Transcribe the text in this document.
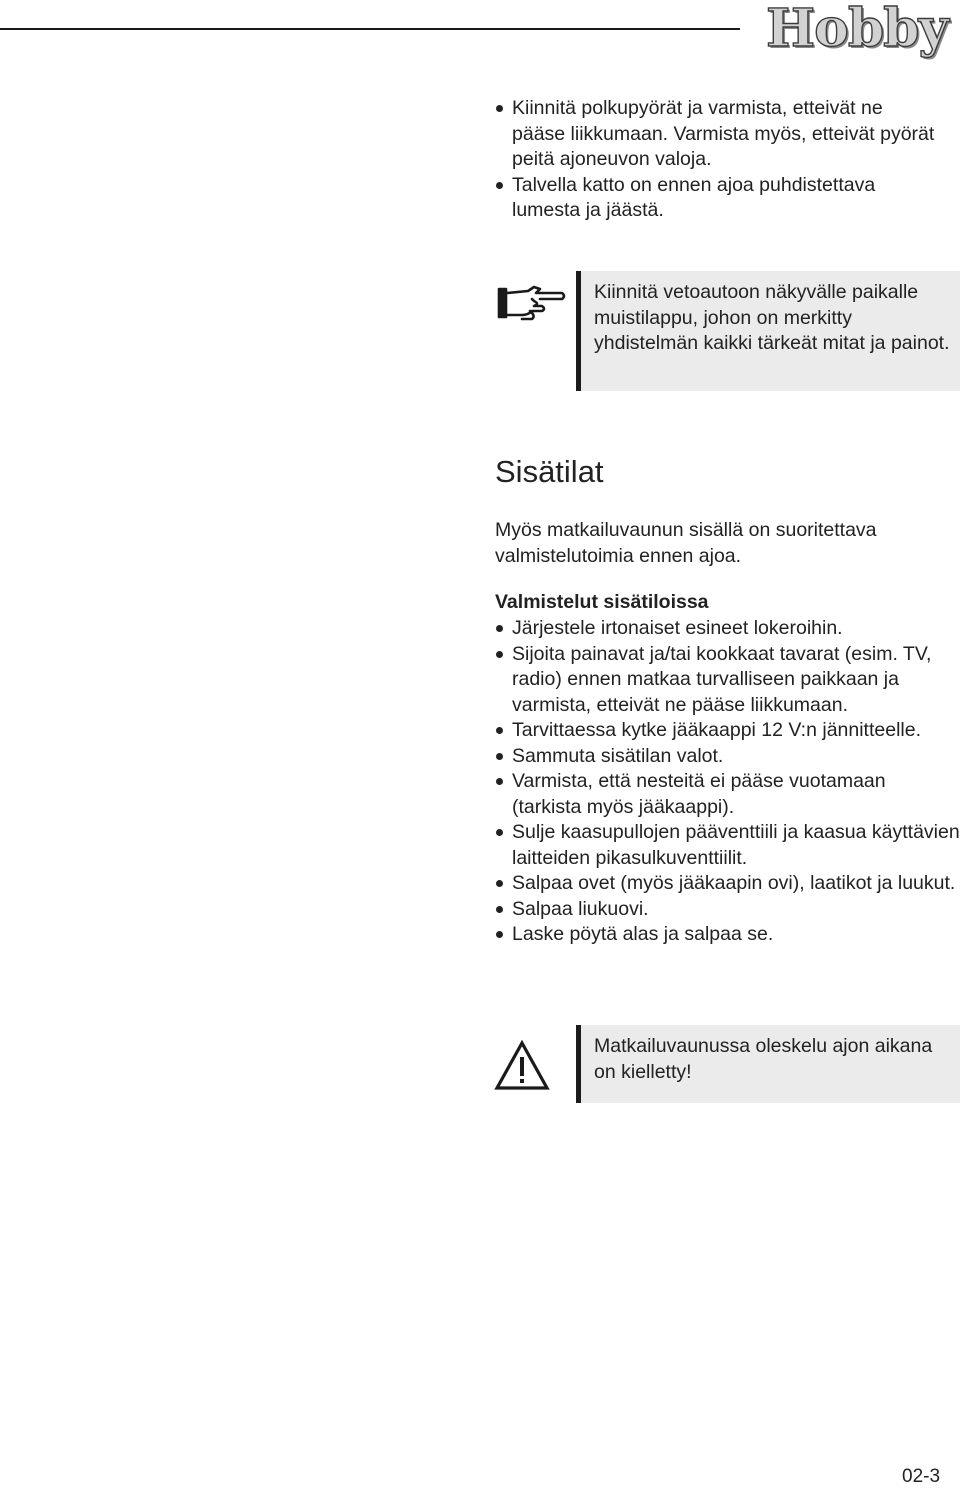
Hobby
Kiinnitä polkupyörät ja varmista, etteivät ne pääse liikkumaan. Varmista myös, etteivät pyörät peitä ajoneuvon valoja.
Talvella katto on ennen ajoa puhdistettava lumesta ja jäästä.
Kiinnitä vetoautoon näkyvälle paikalle muistilappu, johon on merkitty yhdistelmän kaikki tärkeät mitat ja painot.
Sisätilat
Myös matkailuvaunun sisällä on suoritettava valmistelutoimia ennen ajoa.
Valmistelut sisätiloissa
Järjestele irtonaiset esineet lokeroihin.
Sijoita painavat ja/tai kookkaat tavarat (esim. TV, radio) ennen matkaa turvalliseen paikkaan ja varmista, etteivät ne pääse liikkumaan.
Tarvittaessa kytke jääkaappi 12 V:n jännitteelle.
Sammuta sisätilan valot.
Varmista, että nesteitä ei pääse vuotamaan (tarkista myös jääkaappi).
Sulje kaasupullojen pääventtiili ja kaasua käyttävien laitteiden pikasulkuventtiilit.
Salpaa ovet (myös jääkaapin ovi), laatikot ja luukut.
Salpaa liukuovi.
Laske pöytä alas ja salpaa se.
Matkailuvaunussa oleskelu ajon aikana on kielletty!
02-3
